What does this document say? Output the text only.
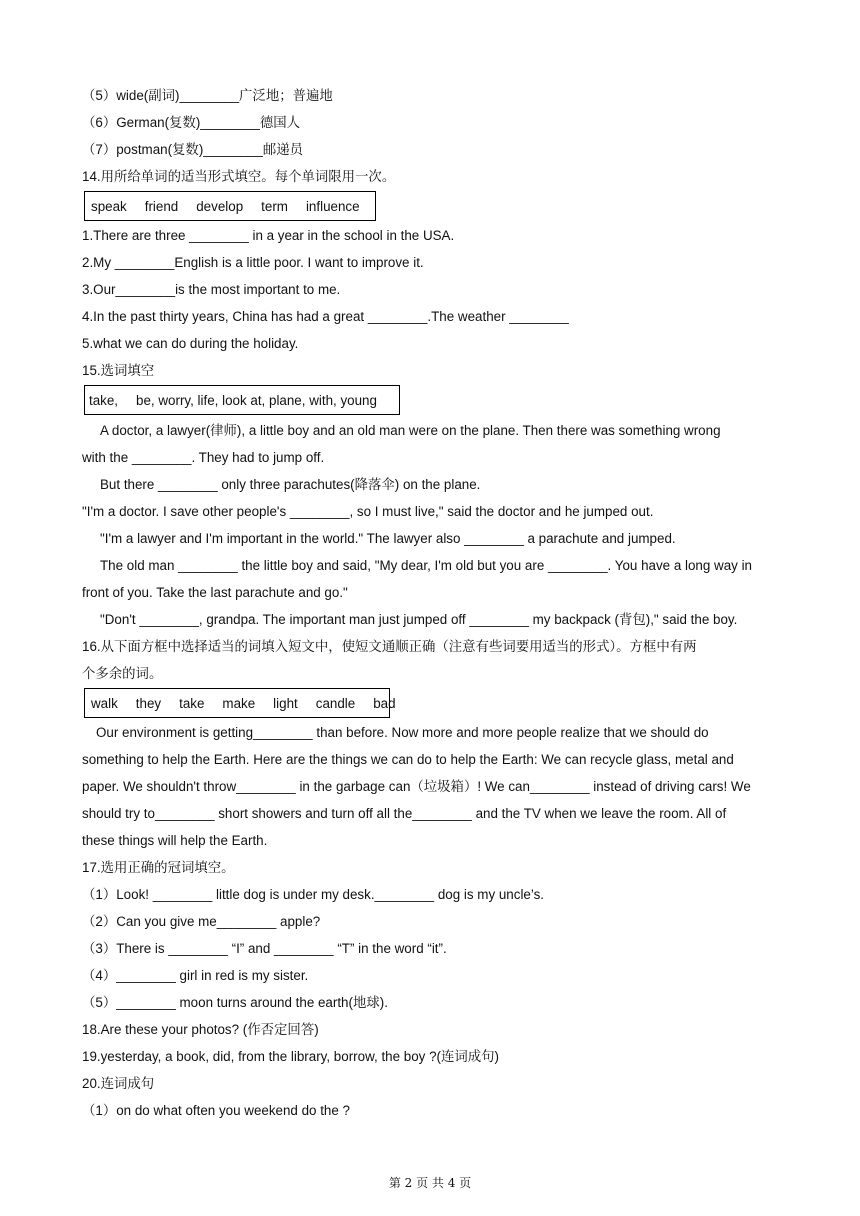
（5）wide(副词)________广泛地；普遍地
（6）German(复数)________德国人
（7）postman(复数)________邮递员
14.用所给单词的适当形式填空。每个单词限用一次。
speak friend develop term influence
1.There are three ________ in a year in the school in the USA.
2.My ________English is a little poor. I want to improve it.
3.Our________is the most important to me.
4.In the past thirty years, China has had a great ________.The weather ________
5.what we can do during the holiday.
15.选词填空
take, be, worry, life, look at, plane, with, young
A doctor, a lawyer(律师), a little boy and an old man were on the plane. Then there was something wrong
with the ________. They had to jump off.
But there ________ only three parachutes(降落伞) on the plane.
"I'm a doctor. I save other people's ________, so I must live," said the doctor and he jumped out.
"I'm a lawyer and I'm important in the world." The lawyer also ________ a parachute and jumped.
The old man ________ the little boy and said, "My dear, I'm old but you are ________. You have a long way in
front of you. Take the last parachute and go."
"Don't ________, grandpa. The important man just jumped off ________ my backpack (背包)," said the boy.
16.从下面方框中选择适当的词填入短文中，使短文通顺正确（注意有些词要用适当的形式）。方框中有两
个多余的词。
walk they take make light candle bad
Our environment is getting________ than before. Now more and more people realize that we should do
something to help the Earth. Here are the things we can do to help the Earth: We can recycle glass, metal and
paper. We shouldn't throw________ in the garbage can（垃圾箱）! We can________ instead of driving cars! We
should try to________ short showers and turn off all the________ and the TV when we leave the room. All of
these things will help the Earth.
17.选用正确的冠词填空。
（1）Look! ________ little dog is under my desk.________ dog is my uncle’s.
（2）Can you give me________ apple?
（3）There is ________ “I” and ________ “T” in the word “it”.
（4）________ girl in red is my sister.
（5）________ moon turns around the earth(地球).
18.Are these your photos? (作否定回答)
19.yesterday, a book, did, from the library, borrow, the boy ?(连词成句)
20.连词成句
（1）on do what often you weekend do the ?
第 2 页 共 4 页
